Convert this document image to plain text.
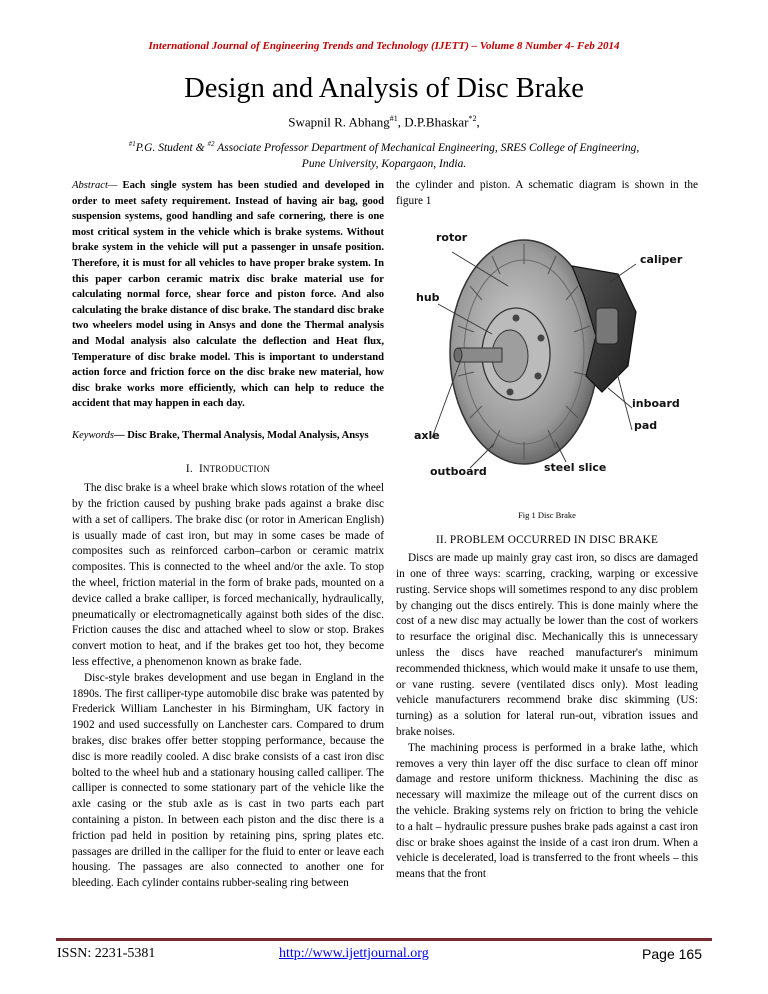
International Journal of Engineering Trends and Technology (IJETT) – Volume 8 Number 4- Feb 2014
Design and Analysis of Disc Brake
Swapnil R. Abhang$^{\#1}$, D.P.Bhaskar$^{*2}$,
$^{\#1}$P.G. Student & $^{\#2}$ Associate Professor Department of Mechanical Engineering, SRES College of Engineering,
Pune University, Kopargaon, India.
Abstract— Each single system has been studied and developed in order to meet safety requirement. Instead of having air bag, good suspension systems, good handling and safe cornering, there is one most critical system in the vehicle which is brake systems. Without brake system in the vehicle will put a passenger in unsafe position. Therefore, it is must for all vehicles to have proper brake system. In this paper carbon ceramic matrix disc brake material use for calculating normal force, shear force and piston force. And also calculating the brake distance of disc brake. The standard disc brake two wheelers model using in Ansys and done the Thermal analysis and Modal analysis also calculate the deflection and Heat flux, Temperature of disc brake model. This is important to understand action force and friction force on the disc brake new material, how disc brake works more efficiently, which can help to reduce the accident that may happen in each day.
Keywords— Disc Brake, Thermal Analysis, Modal Analysis, Ansys
I. INTRODUCTION

The disc brake is a wheel brake which slows rotation of the wheel by the friction caused by pushing brake pads against a brake disc with a set of callipers. The brake disc (or rotor in American English) is usually made of cast iron, but may in some cases be made of composites such as reinforced carbon–carbon or ceramic matrix composites. This is connected to the wheel and/or the axle. To stop the wheel, friction material in the form of brake pads, mounted on a device called a brake calliper, is forced mechanically, hydraulically, pneumatically or electromagnetically against both sides of the disc. Friction causes the disc and attached wheel to slow or stop. Brakes convert motion to heat, and if the brakes get too hot, they become less effective, a phenomenon known as brake fade.

Disc-style brakes development and use began in England in the 1890s. The first calliper-type automobile disc brake was patented by Frederick William Lanchester in his Birmingham, UK factory in 1902 and used successfully on Lanchester cars. Compared to drum brakes, disc brakes offer better stopping performance, because the disc is more readily cooled. A disc brake consists of a cast iron disc bolted to the wheel hub and a stationary housing called calliper. The calliper is connected to some stationary part of the vehicle like the axle casing or the stub axle as is cast in two parts each part containing a piston. In between each piston and the disc there is a friction pad held in position by retaining pins, spring plates etc. passages are drilled in the calliper for the fluid to enter or leave each housing. The passages are also connected to another one for bleeding. Each cylinder contains rubber-sealing ring between

the cylinder and piston. A schematic diagram is shown in the figure 1

rotor
caliper
hub
inboard
axle
pad
outboard	steel slice
Fig 1 Disc Brake
II. PROBLEM OCCURRED IN DISC BRAKE

Discs are made up mainly gray cast iron, so discs are damaged in one of three ways: scarring, cracking, warping or excessive rusting. Service shops will sometimes respond to any disc problem by changing out the discs entirely. This is done mainly where the cost of a new disc may actually be lower than the cost of workers to resurface the original disc. Mechanically this is unnecessary unless the discs have reached manufacturer's minimum recommended thickness, which would make it unsafe to use them, or vane rusting. severe (ventilated discs only). Most leading vehicle manufacturers recommend brake disc skimming (US: turning) as a solution for lateral run-out, vibration issues and brake noises.

The machining process is performed in a brake lathe, which removes a very thin layer off the disc surface to clean off minor damage and restore uniform thickness. Machining the disc as necessary will maximize the mileage out of the current discs on the vehicle. Braking systems rely on friction to bring the vehicle to a halt – hydraulic pressure pushes brake pads against a cast iron disc or brake shoes against the inside of a cast iron drum. When a vehicle is decelerated, load is transferred to the front wheels – this means that the front

ISSN: 2231-5381	http://www.ijettjournal.org	Page 165
